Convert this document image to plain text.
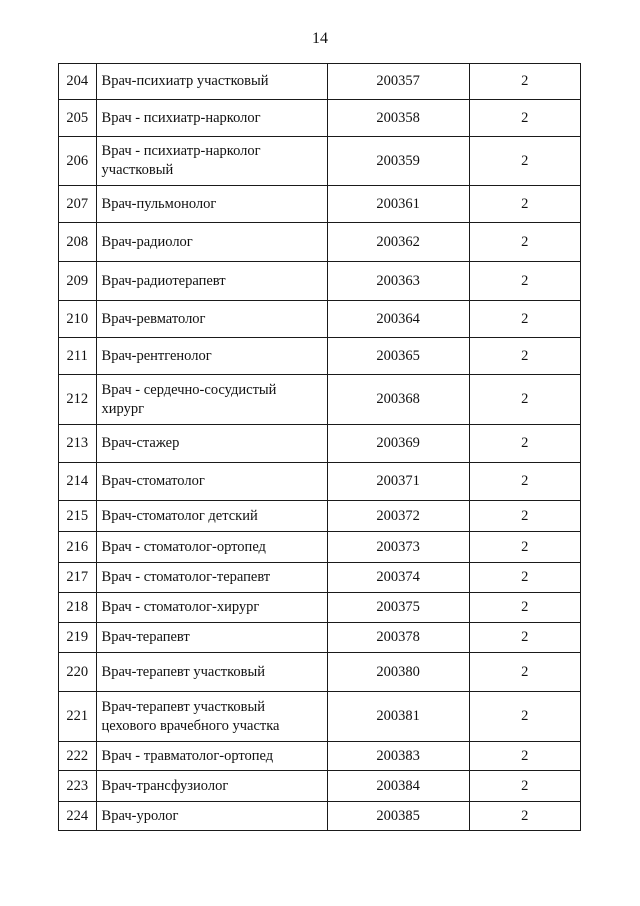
14
204	Врач-психиатр участковый	200357	2
205	Врач - психиатр-нарколог	200358	2
206	Врач - психиатр-нарколог участковый	200359	2
207	Врач-пульмонолог	200361	2
208	Врач-радиолог	200362	2
209	Врач-радиотерапевт	200363	2
210	Врач-ревматолог	200364	2
211	Врач-рентгенолог	200365	2
212	Врач - сердечно-сосудистый хирург	200368	2
213	Врач-стажер	200369	2
214	Врач-стоматолог	200371	2
215	Врач-стоматолог детский	200372	2
216	Врач - стоматолог-ортопед	200373	2
217	Врач - стоматолог-терапевт	200374	2
218	Врач - стоматолог-хирург	200375	2
219	Врач-терапевт	200378	2
220	Врач-терапевт участковый	200380	2
221	Врач-терапевт участковый цехового врачебного участка	200381	2
222	Врач - травматолог-ортопед	200383	2
223	Врач-трансфузиолог	200384	2
224	Врач-уролог	200385	2
